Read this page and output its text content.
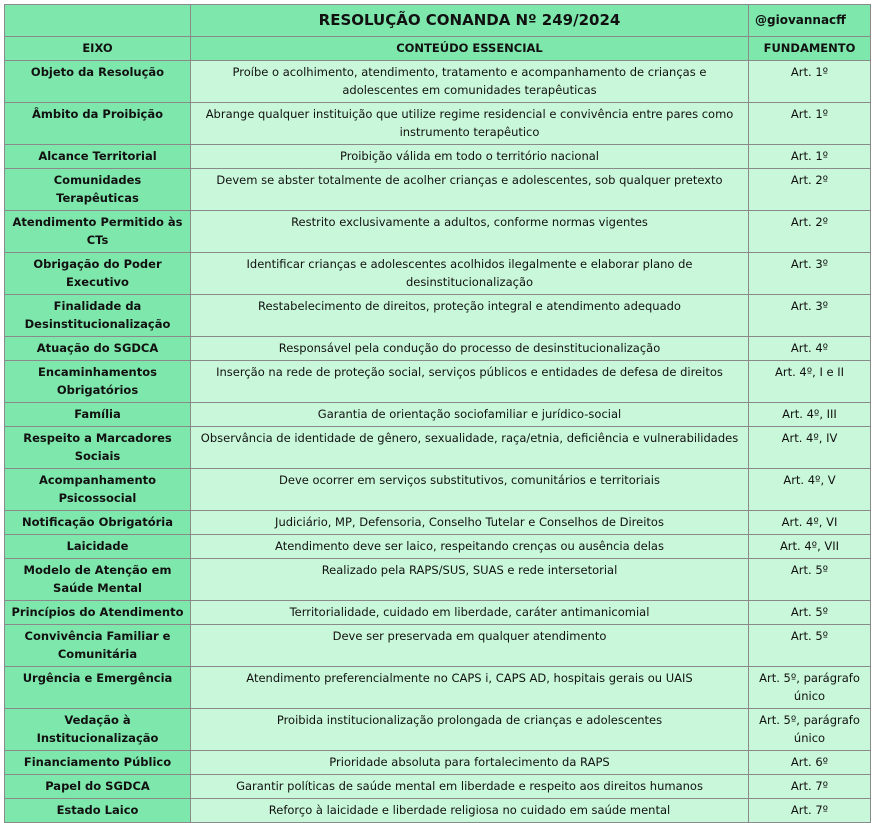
	RESOLUÇÃO CONANDA Nº 249/2024	@giovannacff
EIXO	CONTEÚDO ESSENCIAL	FUNDAMENTO
Objeto da Resolução	Proíbe o acolhimento, atendimento, tratamento e acompanhamento de crianças e adolescentes em comunidades terapêuticas	Art. 1º
Âmbito da Proibição	Abrange qualquer instituição que utilize regime residencial e convivência entre pares como instrumento terapêutico	Art. 1º
Alcance Territorial	Proibição válida em todo o território nacional	Art. 1º
Comunidades Terapêuticas	Devem se abster totalmente de acolher crianças e adolescentes, sob qualquer pretexto	Art. 2º
Atendimento Permitido às CTs	Restrito exclusivamente a adultos, conforme normas vigentes	Art. 2º
Obrigação do Poder Executivo	Identificar crianças e adolescentes acolhidos ilegalmente e elaborar plano de desinstitucionalização	Art. 3º
Finalidade da Desinstitucionalização	Restabelecimento de direitos, proteção integral e atendimento adequado	Art. 3º
Atuação do SGDCA	Responsável pela condução do processo de desinstitucionalização	Art. 4º
Encaminhamentos Obrigatórios	Inserção na rede de proteção social, serviços públicos e entidades de defesa de direitos	Art. 4º, I e II
Família	Garantia de orientação sociofamiliar e jurídico-social	Art. 4º, III
Respeito a Marcadores Sociais	Observância de identidade de gênero, sexualidade, raça/etnia, deficiência e vulnerabilidades	Art. 4º, IV
Acompanhamento Psicossocial	Deve ocorrer em serviços substitutivos, comunitários e territoriais	Art. 4º, V
Notificação Obrigatória	Judiciário, MP, Defensoria, Conselho Tutelar e Conselhos de Direitos	Art. 4º, VI
Laicidade	Atendimento deve ser laico, respeitando crenças ou ausência delas	Art. 4º, VII
Modelo de Atenção em Saúde Mental	Realizado pela RAPS/SUS, SUAS e rede intersetorial	Art. 5º
Princípios do Atendimento	Territorialidade, cuidado em liberdade, caráter antimanicomial	Art. 5º
Convivência Familiar e Comunitária	Deve ser preservada em qualquer atendimento	Art. 5º
Urgência e Emergência	Atendimento preferencialmente no CAPS i, CAPS AD, hospitais gerais ou UAIS	Art. 5º, parágrafo único
Vedação à Institucionalização	Proibida institucionalização prolongada de crianças e adolescentes	Art. 5º, parágrafo único
Financiamento Público	Prioridade absoluta para fortalecimento da RAPS	Art. 6º
Papel do SGDCA	Garantir políticas de saúde mental em liberdade e respeito aos direitos humanos	Art. 7º
Estado Laico	Reforço à laicidade e liberdade religiosa no cuidado em saúde mental	Art. 7º
